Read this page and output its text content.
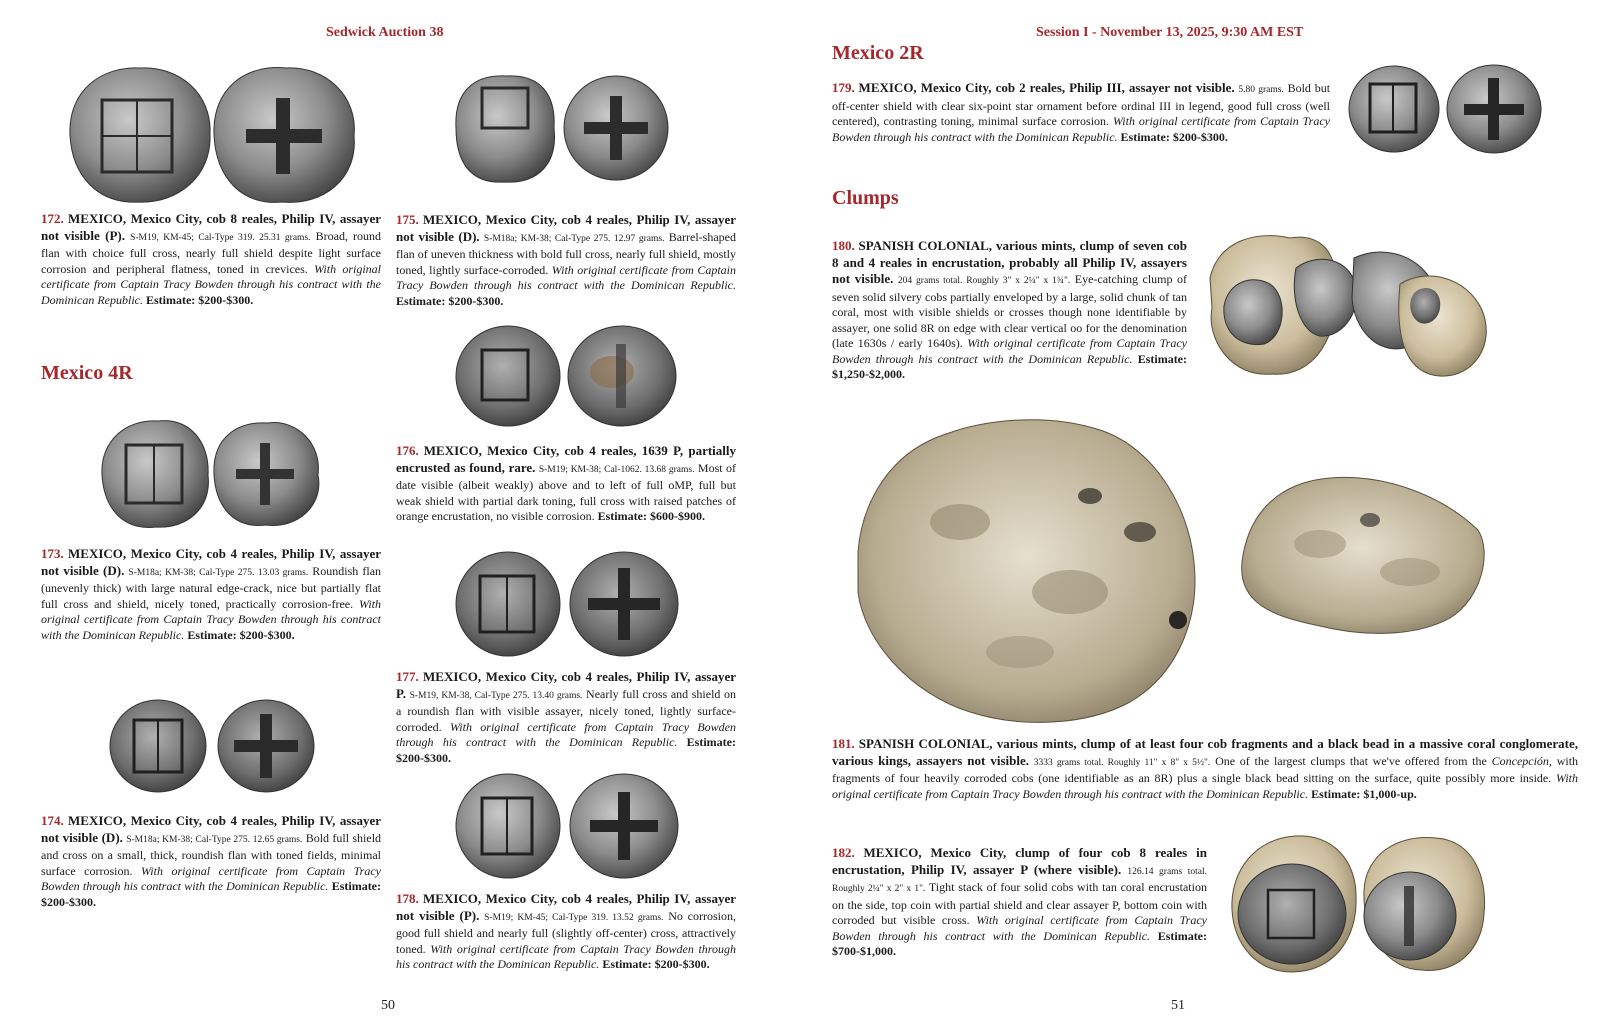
Sedwick Auction 38
172. MEXICO, Mexico City, cob 8 reales, Philip IV, assayer not visible (P). S-M19, KM-45; Cal-Type 319. 25.31 grams. Broad, round flan with choice full cross, nearly full shield despite light surface corrosion and peripheral flatness, toned in crevices. With original certificate from Captain Tracy Bowden through his contract with the Dominican Republic. Estimate: $200-$300.
Mexico 4R
173. MEXICO, Mexico City, cob 4 reales, Philip IV, assayer not visible (D). S-M18a; KM-38; Cal-Type 275. 13.03 grams. Roundish flan (unevenly thick) with large natural edge-crack, nice but partially flat full cross and shield, nicely toned, practically corrosion-free. With original certificate from Captain Tracy Bowden through his contract with the Dominican Republic. Estimate: $200-$300.
174. MEXICO, Mexico City, cob 4 reales, Philip IV, assayer not visible (D). S-M18a; KM-38; Cal-Type 275. 12.65 grams. Bold full shield and cross on a small, thick, roundish flan with toned fields, minimal surface corrosion. With original certificate from Captain Tracy Bowden through his contract with the Dominican Republic. Estimate: $200-$300.
175. MEXICO, Mexico City, cob 4 reales, Philip IV, assayer not visible (D). S-M18a; KM-38; Cal-Type 275. 12.97 grams. Barrel-shaped flan of uneven thickness with bold full cross, nearly full shield, mostly toned, lightly surface-corroded. With original certificate from Captain Tracy Bowden through his contract with the Dominican Republic. Estimate: $200-$300.
176. MEXICO, Mexico City, cob 4 reales, 1639 P, partially encrusted as found, rare. S-M19; KM-38; Cal-1062. 13.68 grams. Most of date visible (albeit weakly) above and to left of full oMP, full but weak shield with partial dark toning, full cross with raised patches of orange encrustation, no visible corrosion. Estimate: $600-$900.
177. MEXICO, Mexico City, cob 4 reales, Philip IV, assayer P. S-M19, KM-38, Cal-Type 275. 13.40 grams. Nearly full cross and shield on a roundish flan with visible assayer, nicely toned, lightly surface-corroded. With original certificate from Captain Tracy Bowden through his contract with the Dominican Republic. Estimate: $200-$300.
178. MEXICO, Mexico City, cob 4 reales, Philip IV, assayer not visible (P). S-M19; KM-45; Cal-Type 319. 13.52 grams. No corrosion, good full shield and nearly full (slightly off-center) cross, attractively toned. With original certificate from Captain Tracy Bowden through his contract with the Dominican Republic. Estimate: $200-$300.
50
Session I - November 13, 2025, 9:30 AM EST
Mexico 2R
179. MEXICO, Mexico City, cob 2 reales, Philip III, assayer not visible. 5.80 grams. Bold but off-center shield with clear six-point star ornament before ordinal III in legend, good full cross (well centered), contrasting toning, minimal surface corrosion. With original certificate from Captain Tracy Bowden through his contract with the Dominican Republic. Estimate: $200-$300.
Clumps
180. SPANISH COLONIAL, various mints, clump of seven cob 8 and 4 reales in encrustation, probably all Philip IV, assayers not visible. 204 grams total. Roughly 3" x 2¼" x 1¾". Eye-catching clump of seven solid silvery cobs partially enveloped by a large, solid chunk of tan coral, most with visible shields or crosses though none identifiable by assayer, one solid 8R on edge with clear vertical oo for the denomination (late 1630s / early 1640s). With original certificate from Captain Tracy Bowden through his contract with the Dominican Republic. Estimate: $1,250-$2,000.
181. SPANISH COLONIAL, various mints, clump of at least four cob fragments and a black bead in a massive coral conglomerate, various kings, assayers not visible. 3333 grams total. Roughly 11" x 8" x 5½". One of the largest clumps that we've offered from the Concepción, with fragments of four heavily corroded cobs (one identifiable as an 8R) plus a single black bead sitting on the surface, quite possibly more inside. With original certificate from Captain Tracy Bowden through his contract with the Dominican Republic. Estimate: $1,000-up.
182. MEXICO, Mexico City, clump of four cob 8 reales in encrustation, Philip IV, assayer P (where visible). 126.14 grams total. Roughly 2¼" x 2" x 1". Tight stack of four solid cobs with tan coral encrustation on the side, top coin with partial shield and clear assayer P, bottom coin with corroded but visible cross. With original certificate from Captain Tracy Bowden through his contract with the Dominican Republic. Estimate: $700-$1,000.
51
